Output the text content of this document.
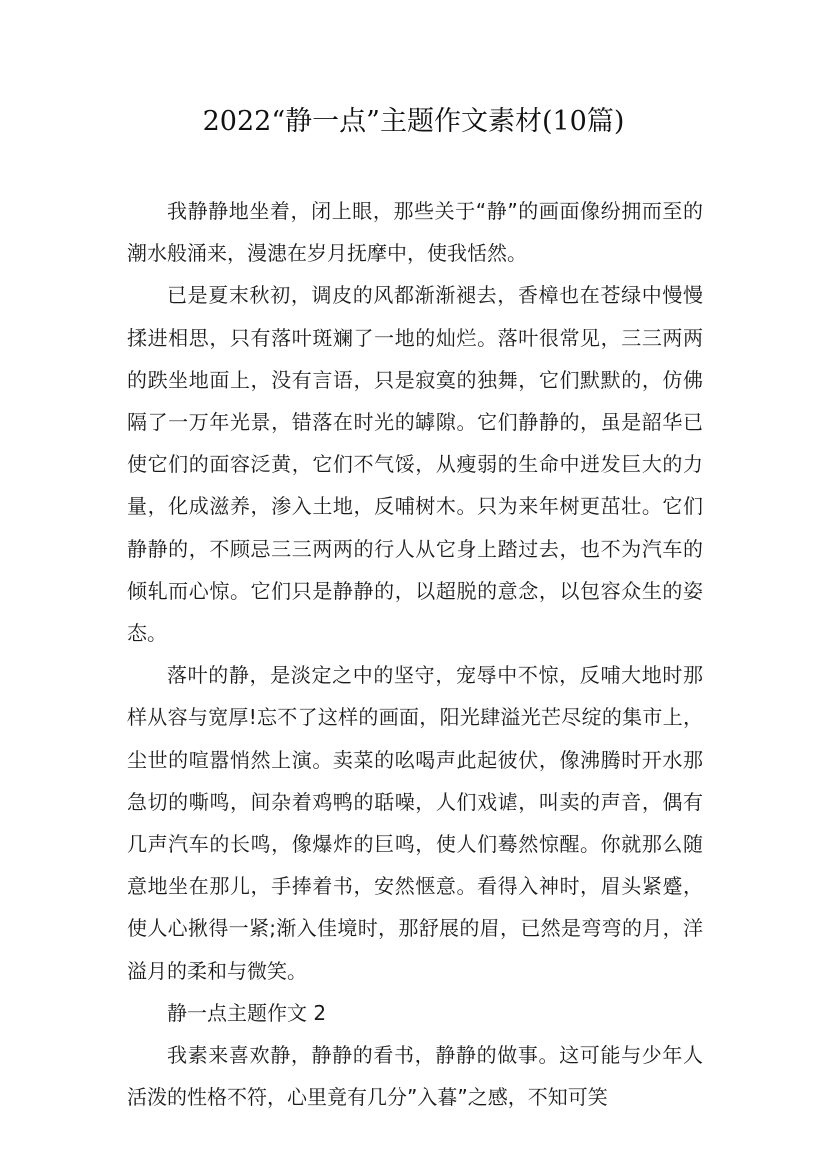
2022“静一点”主题作文素材(10篇)

我静静地坐着，闭上眼，那些关于“静”的画面像纷拥而至的潮水般涌来，漫漶在岁月抚摩中，使我恬然。

已是夏末秋初，调皮的风都渐渐褪去，香樟也在苍绿中慢慢揉进相思，只有落叶斑斓了一地的灿烂。落叶很常见，三三两两的跌坐地面上，没有言语，只是寂寞的独舞，它们默默的，仿佛隔了一万年光景，错落在时光的罅隙。它们静静的，虽是韶华已使它们的面容泛黄，它们不气馁，从瘦弱的生命中迸发巨大的力量，化成滋养，渗入土地，反哺树木。只为来年树更茁壮。它们静静的，不顾忌三三两两的行人从它身上踏过去，也不为汽车的倾轧而心惊。它们只是静静的，以超脱的意念，以包容众生的姿态。

落叶的静，是淡定之中的坚守，宠辱中不惊，反哺大地时那样从容与宽厚!忘不了这样的画面，阳光肆溢光芒尽绽的集市上，尘世的喧嚣悄然上演。卖菜的吆喝声此起彼伏，像沸腾时开水那急切的嘶鸣，间杂着鸡鸭的聒噪，人们戏谑，叫卖的声音，偶有几声汽车的长鸣，像爆炸的巨鸣，使人们蓦然惊醒。你就那么随意地坐在那儿，手捧着书，安然惬意。看得入神时，眉头紧蹙，使人心揪得一紧;渐入佳境时，那舒展的眉，已然是弯弯的月，洋溢月的柔和与微笑。

静一点主题作文 2

我素来喜欢静，静静的看书，静静的做事。这可能与少年人活泼的性格不符，心里竟有几分”入暮”之感，不知可笑
